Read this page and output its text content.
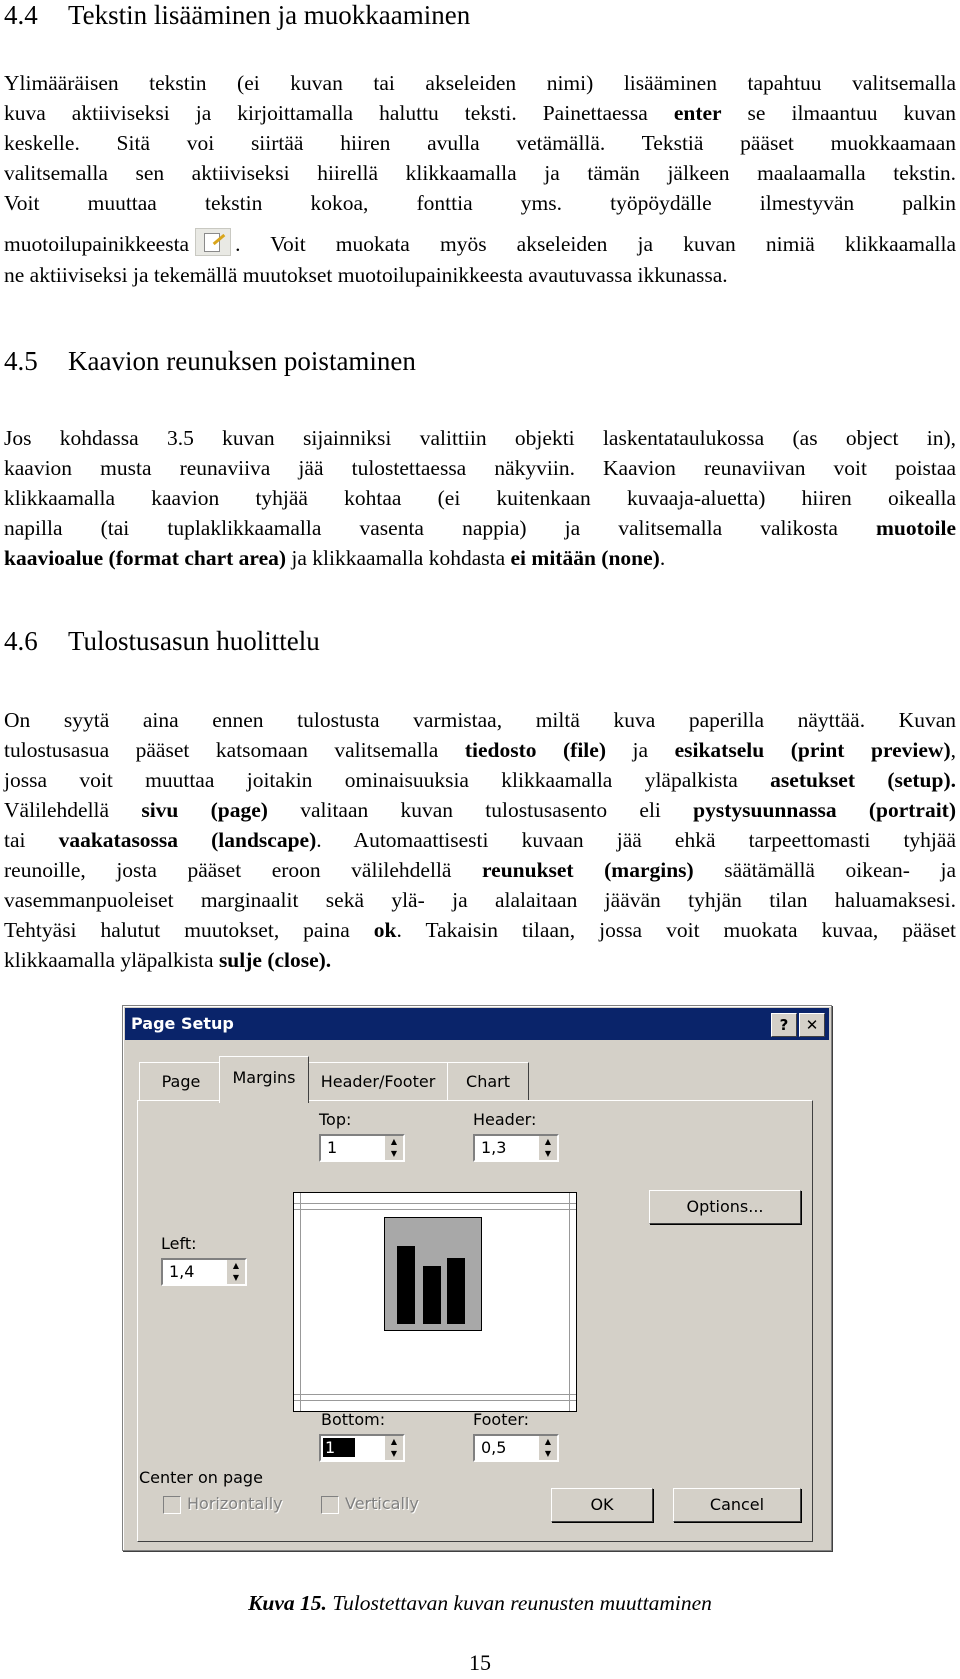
4.4 Tekstin lisääminen ja muokkaaminen
Ylimääräisen tekstin (ei kuvan tai akseleiden nimi) lisääminen tapahtuu valitsemalla
kuva aktiiviseksi ja kirjoittamalla haluttu teksti. Painettaessa enter se ilmaantuu kuvan
keskelle. Sitä voi siirtää hiiren avulla vetämällä. Tekstiä pääset muokkaamaan
valitsemalla sen aktiiviseksi hiirellä klikkaamalla ja tämän jälkeen maalaamalla tekstin.
Voit muuttaa tekstin kokoa, fonttia yms. työpöydälle ilmestyvän palkin
muotoilupainikkeesta . Voit muokata myös akseleiden ja kuvan nimiä klikkaamalla
ne aktiiviseksi ja tekemällä muutokset muotoilupainikkeesta avautuvassa ikkunassa.
4.5 Kaavion reunuksen poistaminen
Jos kohdassa 3.5 kuvan sijainniksi valittiin objekti laskentataulukossa (as object in),
kaavion musta reunaviiva jää tulostettaessa näkyviin. Kaavion reunaviivan voit poistaa
klikkaamalla kaavion tyhjää kohtaa (ei kuitenkaan kuvaaja-aluetta) hiiren oikealla
napilla (tai tuplaklikkaamalla vasenta nappia) ja valitsemalla valikosta muotoile
kaavioalue (format chart area) ja klikkaamalla kohdasta ei mitään (none).
4.6 Tulostusasun huolittelu
On syytä aina ennen tulostusta varmistaa, miltä kuva paperilla näyttää. Kuvan
tulostusasua pääset katsomaan valitsemalla tiedosto (file) ja esikatselu (print preview),
jossa voit muuttaa joitakin ominaisuuksia klikkaamalla yläpalkista asetukset (setup).
Välilehdellä sivu (page) valitaan kuvan tulostusasento eli pystysuunnassa (portrait)
tai vaakatasossa (landscape). Automaattisesti kuvaan jää ehkä tarpeettomasti tyhjää
reunoille, josta pääset eroon välilehdellä reunukset (margins) säätämällä oikean- ja
vasemmanpuoleiset marginaalit sekä ylä- ja alalaitaan jäävän tyhjän tilan haluamaksesi.
Tehtyäsi halutut muutokset, paina ok. Takaisin tilaan, jossa voit muokata kuvaa, pääset
klikkaamalla yläpalkista sulje (close).
Page Setup	?	✕
Page	Margins	Header/Footer	Chart
Top:
1	▲
▼
Header:
1,3	▲
▼
Options...
Left:
1,4	▲
▼

Bottom:
1	▲
▼
Footer:
0,5	▲
▼
Center on page
Horizontally	Vertically	OK	Cancel
Kuva 15. Tulostettavan kuvan reunusten muuttaminen
15
